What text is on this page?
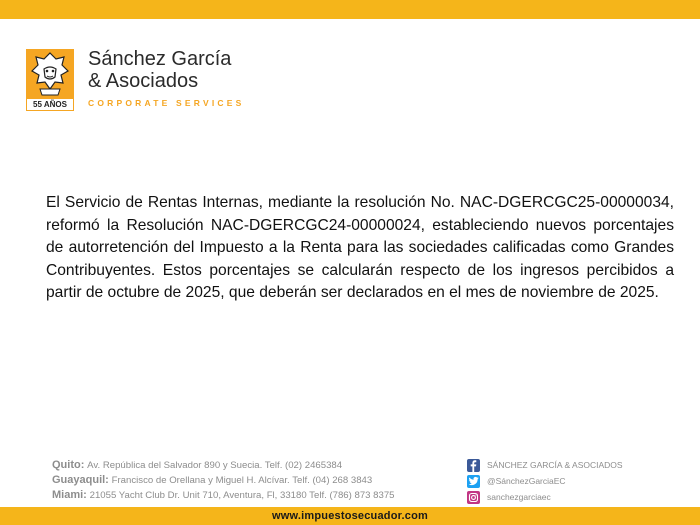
55 AÑOS
Sánchez García
& Asociados
CORPORATE SERVICES

El Servicio de Rentas Internas, mediante la resolución No. NAC-DGERCGC25-00000034, reformó la Resolución NAC-DGERCGC24-00000024, estableciendo nuevos porcentajes de autorretención del Impuesto a la Renta para las sociedades calificadas como Grandes Contribuyentes. Estos porcentajes se calcularán respecto de los ingresos percibidos a partir de octubre de 2025, que deberán ser declarados en el mes de noviembre de 2025.

Quito: Av. República del Salvador 890 y Suecia. Telf. (02) 2465384
Guayaquil: Francisco de Orellana y Miguel H. Alcívar. Telf. (04) 268 3843
Miami: 21055 Yacht Club Dr. Unit 710, Aventura, Fl, 33180 Telf. (786) 873 8375
SÁNCHEZ GARCÍA & ASOCIADOS
@SánchezGarciaEC
sanchezgarciaec
www.impuestosecuador.com
